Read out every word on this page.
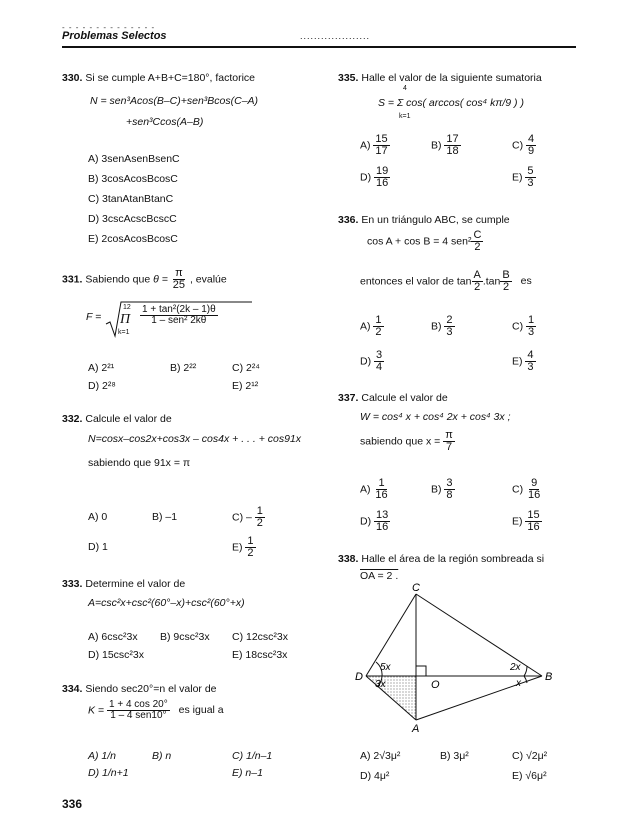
- - - - - - - - - - - - - -
Problemas Selectos	....................
330. Si se cumple A+B+C=180°, factorice
N = sen³Acos(B–C)+sen³Bcos(C–A)
+sen³Ccos(A–B)
A) 3senAsenBsenC
B) 3cosAcosBcosC
C) 3tanAtanBtanC
D) 3cscAcscBcscC
E) 2cosAcosBcosC
331. Sabiendo que $\theta = \frac{\pi}{25}$ , evalúe
F =
12
Π
k=1
1 + tan²(2k – 1)θ
1 – sen² 2kθ
A) 2²¹	B) 2²²	C) 2²⁴
D) 2²⁸	E) 2¹²
332. Calcule el valor de
N=cosx–cos2x+cos3x – cos4x + . . . + cos91x
sabiendo que 91x = π
A) 0	B) –1	$C) - \frac{1}{2}$
D) 1	$E) \frac{1}{2}$
333. Determine el valor de
A=csc²x+csc²(60°–x)+csc²(60°+x)
A) 6csc²3x B) 9csc²3x C) 12csc²3x
D) 15csc²3x	E) 18csc²3x
334. Siendo sec20°=n el valor de
$K = \frac{1 + 4 \cos 20^\circ}{\text{1 – 4 sen10°}}$ es igual a
A) 1/n	B) n	C) 1/n–1
D) 1/n+1	E) n–1
336
335. Halle el valor de la siguiente sumatoria
4
S = Σ cos( arccos( cos⁴ kπ/9 ) )
k=1
$A) \frac{15}{17}$	$B) \frac{17}{18}$	$C) \frac{4}{9}$
$D) \frac{19}{16}$	$E) \frac{5}{3}$
336. En un triángulo ABC, se cumple
cos A + cos B = 4 $sen^2 \frac{C}{2}$
entonces el valor de $\tan \frac{A}{2} .\tan \frac{B}{2}$ es
$A) \frac{1}{2}$	$B) \frac{2}{3}$	$C) \frac{1}{3}$
$D) \frac{3}{4}$	$E) \frac{4}{3}$
337. Calcule el valor de
W = cos⁴ x + cos⁴ 2x + cos⁴ 3x ;
sabiendo que $x = \frac{\pi}{7}$
$A) \frac{1}{16}$	$B) \frac{3}{8}$	$C) \frac{9}{16}$
$D) \frac{13}{16}$	$E) \frac{15}{16}$
338. Halle el área de la región sombreada si
OA = 2 .
C
D	B
A
O
5x
3x
2x
x
A) 2√3μ²	B) 3μ²	C) √2μ²
D) 4μ²	E) √6μ²
